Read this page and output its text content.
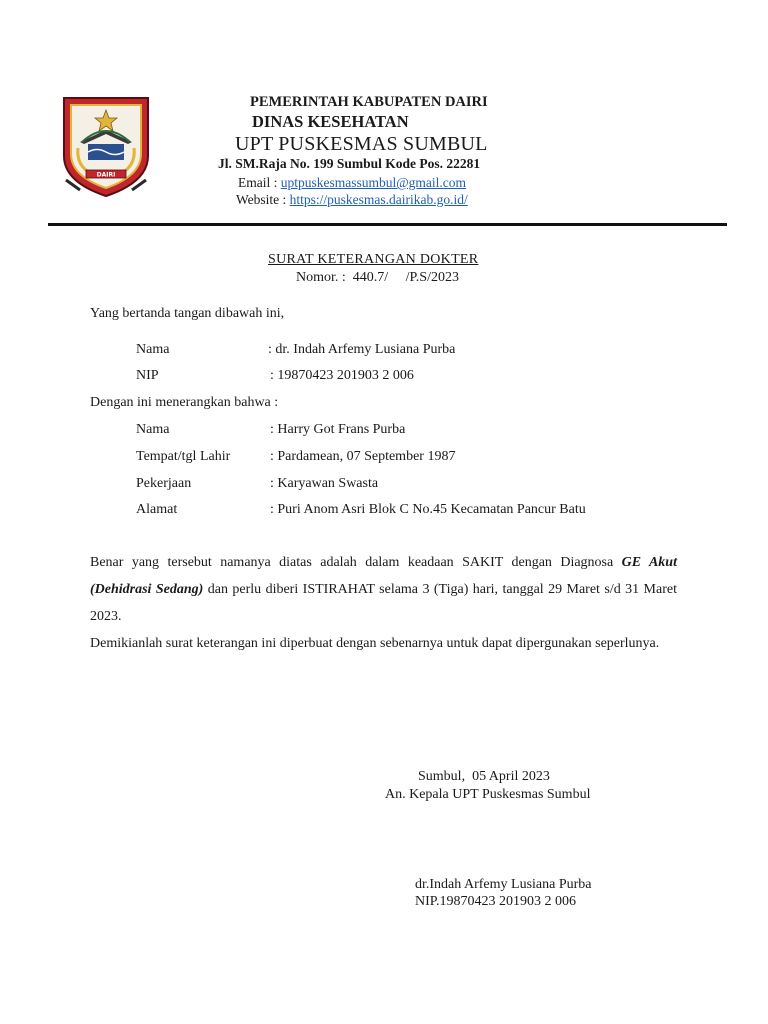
DAIRI
PEMERINTAH KABUPATEN DAIRI
DINAS KESEHATAN
UPT PUSKESMAS SUMBUL
Jl. SM.Raja No. 199 Sumbul Kode Pos. 22281
Email : uptpuskesmassumbul@gmail.com
Website : https://puskesmas.dairikab.go.id/
SURAT KETERANGAN DOKTER
Nomor. :  440.7/     /P.S/2023
Yang bertanda tangan dibawah ini,
Nama	: dr. Indah Arfemy Lusiana Purba
NIP	: 19870423 201903 2 006
Dengan ini menerangkan bahwa :
Nama	: Harry Got Frans Purba
Tempat/tgl Lahir	: Pardamean, 07 September 1987
Pekerjaan	: Karyawan Swasta
Alamat	: Puri Anom Asri Blok C No.45 Kecamatan Pancur Batu
Benar yang tersebut namanya diatas adalah dalam keadaan SAKIT dengan Diagnosa GE Akut (Dehidrasi Sedang) dan perlu diberi ISTIRAHAT selama 3 (Tiga) hari, tanggal 29 Maret s/d 31 Maret 2023.
Demikianlah surat keterangan ini diperbuat dengan sebenarnya untuk dapat dipergunakan seperlunya.
Sumbul,  05 April 2023
An. Kepala UPT Puskesmas Sumbul
dr.Indah Arfemy Lusiana Purba
NIP.19870423 201903 2 006
